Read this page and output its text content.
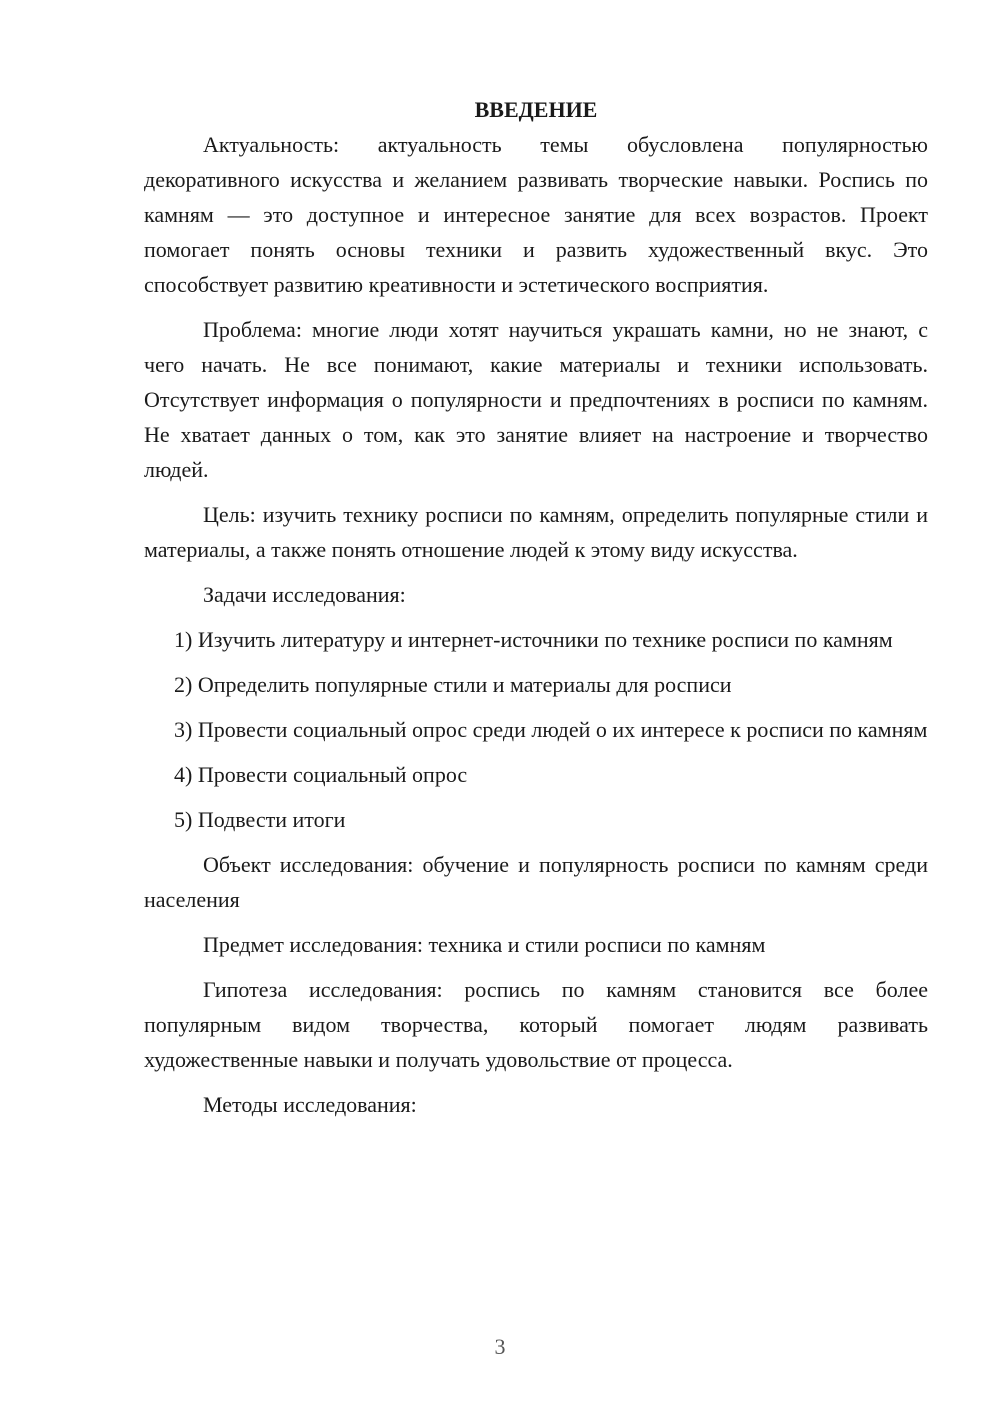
ВВЕДЕНИЕ

Актуальность: актуальность темы обусловлена популярностью декоративного искусства и желанием развивать творческие навыки. Роспись по камням — это доступное и интересное занятие для всех возрастов. Проект помогает понять основы техники и развить художественный вкус. Это способствует развитию креативности и эстетического восприятия.

Проблема: многие люди хотят научиться украшать камни, но не знают, с чего начать. Не все понимают, какие материалы и техники использовать. Отсутствует информация о популярности и предпочтениях в росписи по камням. Не хватает данных о том, как это занятие влияет на настроение и творчество людей.

Цель: изучить технику росписи по камням, определить популярные стили и материалы, а также понять отношение людей к этому виду искусства.

Задачи исследования:

1) Изучить литературу и интернет-источники по технике росписи по камням

2) Определить популярные стили и материалы для росписи

3) Провести социальный опрос среди людей о их интересе к росписи по камням

4) Провести социальный опрос

5) Подвести итоги

Объект исследования: обучение и популярность росписи по камням среди населения

Предмет исследования: техника и стили росписи по камням

Гипотеза исследования: роспись по камням становится все более популярным видом творчества, который помогает людям развивать художественные навыки и получать удовольствие от процесса.

Методы исследования:

3
